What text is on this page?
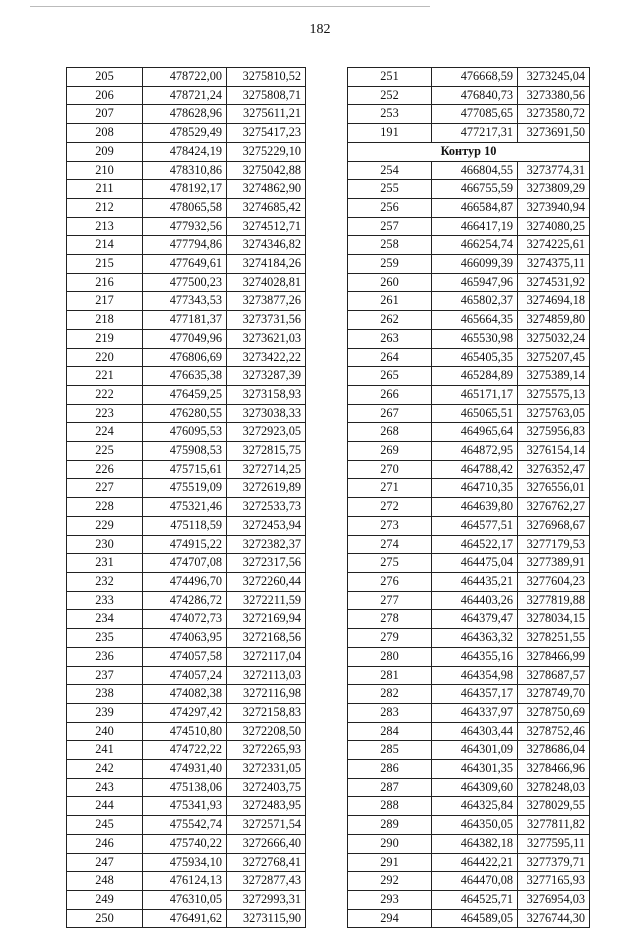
182
205	478722,00	3275810,52
206	478721,24	3275808,71
207	478628,96	3275611,21
208	478529,49	3275417,23
209	478424,19	3275229,10
210	478310,86	3275042,88
211	478192,17	3274862,90
212	478065,58	3274685,42
213	477932,56	3274512,71
214	477794,86	3274346,82
215	477649,61	3274184,26
216	477500,23	3274028,81
217	477343,53	3273877,26
218	477181,37	3273731,56
219	477049,96	3273621,03
220	476806,69	3273422,22
221	476635,38	3273287,39
222	476459,25	3273158,93
223	476280,55	3273038,33
224	476095,53	3272923,05
225	475908,53	3272815,75
226	475715,61	3272714,25
227	475519,09	3272619,89
228	475321,46	3272533,73
229	475118,59	3272453,94
230	474915,22	3272382,37
231	474707,08	3272317,56
232	474496,70	3272260,44
233	474286,72	3272211,59
234	474072,73	3272169,94
235	474063,95	3272168,56
236	474057,58	3272117,04
237	474057,24	3272113,03
238	474082,38	3272116,98
239	474297,42	3272158,83
240	474510,80	3272208,50
241	474722,22	3272265,93
242	474931,40	3272331,05
243	475138,06	3272403,75
244	475341,93	3272483,95
245	475542,74	3272571,54
246	475740,22	3272666,40
247	475934,10	3272768,41
248	476124,13	3272877,43
249	476310,05	3272993,31
250	476491,62	3273115,90
251	476668,59	3273245,04
252	476840,73	3273380,56
253	477085,65	3273580,72
191	477217,31	3273691,50
Контур 10		
254	466804,55	3273774,31
255	466755,59	3273809,29
256	466584,87	3273940,94
257	466417,19	3274080,25
258	466254,74	3274225,61
259	466099,39	3274375,11
260	465947,96	3274531,92
261	465802,37	3274694,18
262	465664,35	3274859,80
263	465530,98	3275032,24
264	465405,35	3275207,45
265	465284,89	3275389,14
266	465171,17	3275575,13
267	465065,51	3275763,05
268	464965,64	3275956,83
269	464872,95	3276154,14
270	464788,42	3276352,47
271	464710,35	3276556,01
272	464639,80	3276762,27
273	464577,51	3276968,67
274	464522,17	3277179,53
275	464475,04	3277389,91
276	464435,21	3277604,23
277	464403,26	3277819,88
278	464379,47	3278034,15
279	464363,32	3278251,55
280	464355,16	3278466,99
281	464354,98	3278687,57
282	464357,17	3278749,70
283	464337,97	3278750,69
284	464303,44	3278752,46
285	464301,09	3278686,04
286	464301,35	3278466,96
287	464309,60	3278248,03
288	464325,84	3278029,55
289	464350,05	3277811,82
290	464382,18	3277595,11
291	464422,21	3277379,71
292	464470,08	3277165,93
293	464525,71	3276954,03
294	464589,05	3276744,30
